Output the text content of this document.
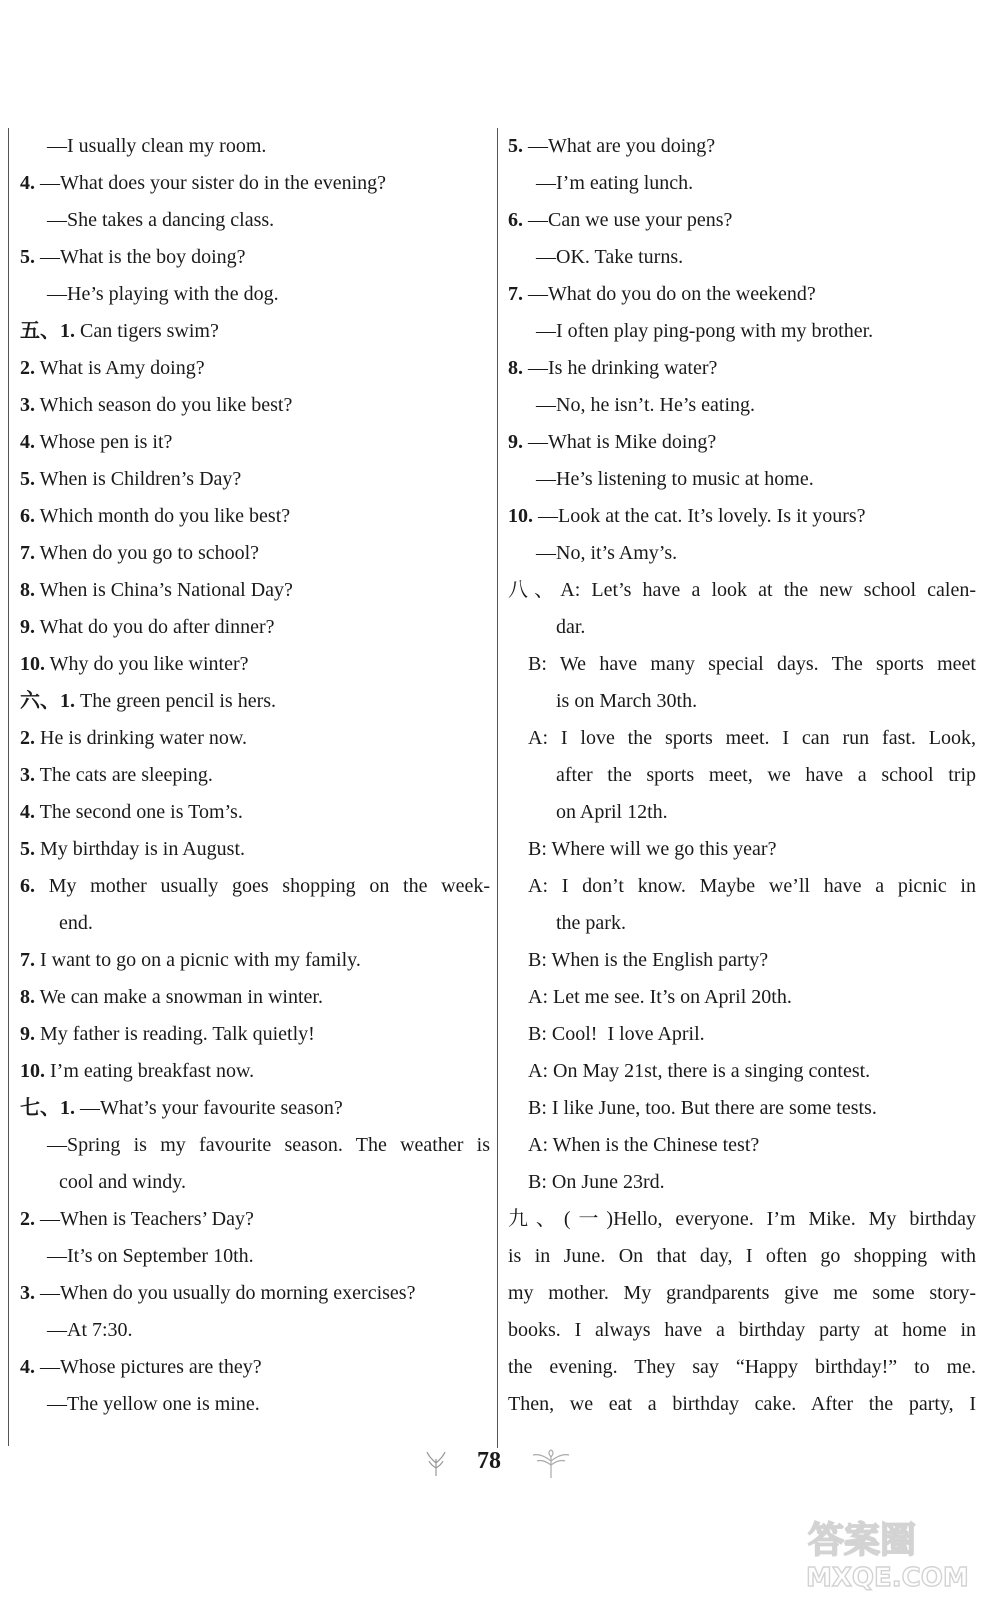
—I usually clean my room.
4. —What does your sister do in the evening?
—She takes a dancing class.
5. —What is the boy doing?
—He’s playing with the dog.
五、1. Can tigers swim?
2. What is Amy doing?
3. Which season do you like best?
4. Whose pen is it?
5. When is Children’s Day?
6. Which month do you like best?
7. When do you go to school?
8. When is China’s National Day?
9. What do you do after dinner?
10. Why do you like winter?
六、1. The green pencil is hers.
2. He is drinking water now.
3. The cats are sleeping.
4. The second one is Tom’s.
5. My birthday is in August.
6. My mother usually goes shopping on the week-
end.
7. I want to go on a picnic with my family.
8. We can make a snowman in winter.
9. My father is reading. Talk quietly!
10. I’m eating breakfast now.
七、1. —What’s your favourite season?
—Spring is my favourite season. The weather is
cool and windy.
2. —When is Teachers’ Day?
—It’s on September 10th.
3. —When do you usually do morning exercises?
—At 7:30.
4. —Whose pictures are they?
—The yellow one is mine.
5. —What are you doing?
—I’m eating lunch.
6. —Can we use your pens?
—OK. Take turns.
7. —What do you do on the weekend?
—I often play ping-pong with my brother.
8. —Is he drinking water?
—No, he isn’t. He’s eating.
9. —What is Mike doing?
—He’s listening to music at home.
10. —Look at the cat. It’s lovely. Is it yours?
—No, it’s Amy’s.
八、A: Let’s have a look at the new school calen-
dar.
B: We have many special days. The sports meet
is on March 30th.
A: I love the sports meet. I can run fast. Look,
after the sports meet, we have a school trip
on April 12th.
B: Where will we go this year?
A: I don’t know. Maybe we’ll have a picnic in
the park.
B: When is the English party?
A: Let me see. It’s on April 20th.
B: Cool!  I love April.
A: On May 21st, there is a singing contest.
B: I like June, too. But there are some tests.
A: When is the Chinese test?
B: On June 23rd.
九、(一)Hello, everyone. I’m Mike. My birthday
is in June. On that day, I often go shopping with
my mother. My grandparents give me some story-
books. I always have a birthday party at home in
the evening. They say “Happy birthday!” to me.
Then, we eat a birthday cake. After the party, I
78
答案圈
MXQE.COM
